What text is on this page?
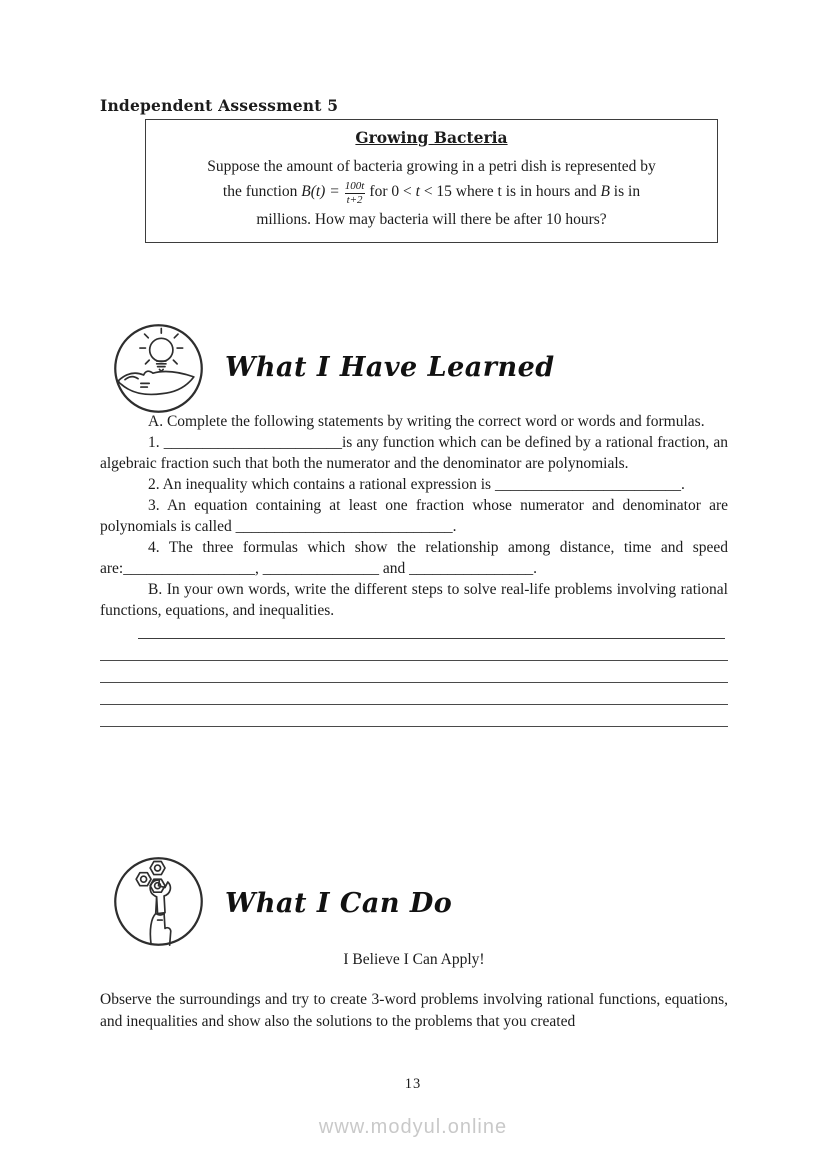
Independent Assessment 5
Growing Bacteria
Suppose the amount of bacteria growing in a petri dish is represented by
the function $B(t) = \frac{100t}{t+2}$ for 0 < t < 15 where t is in hours and B is in
millions. How may bacteria will there be after 10 hours?
What I Have Learned

A. Complete the following statements by writing the correct word or words and formulas.

1. _______________________is any function which can be defined by a rational fraction, an algebraic fraction such that both the numerator and the denominator are polynomials.

2. An inequality which contains a rational expression is ________________________.

3. An equation containing at least one fraction whose numerator and denominator are polynomials is called ____________________________.

4. The three formulas which show the relationship among distance, time and speed are:_________________, _______________ and ________________.

B. In your own words, write the different steps to solve real-life problems involving rational functions, equations, and inequalities.

What I Can Do
I Believe I Can Apply!
Observe the surroundings and try to create 3-word problems involving rational functions, equations, and inequalities and show also the solutions to the problems that you created
13
www.modyul.online
